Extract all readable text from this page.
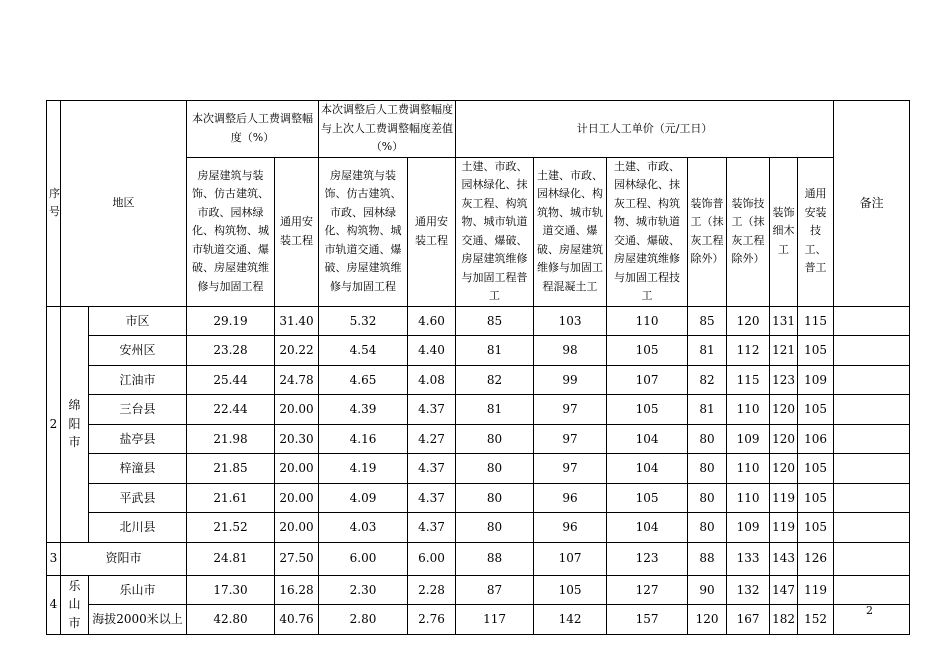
序号	地区		本次调整后人工费调整幅度（%）		本次调整后人工费调整幅度与上次人工费调整幅度差值（%）		计日工人工单价（元/工日）							备注
			房屋建筑与装饰、仿古建筑、市政、园林绿化、构筑物、城市轨道交通、爆破、房屋建筑维修与加固工程	通用安装工程	房屋建筑与装饰、仿古建筑、市政、园林绿化、构筑物、城市轨道交通、爆破、房屋建筑维修与加固工程	通用安装工程	土建、市政、园林绿化、抹灰工程、构筑物、城市轨道交通、爆破、房屋建筑维修与加固工程普工	土建、市政、园林绿化、构筑物、城市轨道交通、爆破、房屋建筑维修与加固工程混凝土工	土建、市政、园林绿化、抹灰工程、构筑物、城市轨道交通、爆破、房屋建筑维修与加固工程技工	装饰普工（抹灰工程除外）	装饰技工（抹灰工程除外）	装饰细木工	通用安装技工、普工	
2	绵阳市	市区	29.19	31.40	5.32	4.60	85	103	110	85	120	131	115	
		安州区	23.28	20.22	4.54	4.40	81	98	105	81	112	121	105	
		江油市	25.44	24.78	4.65	4.08	82	99	107	82	115	123	109	
		三台县	22.44	20.00	4.39	4.37	81	97	105	81	110	120	105	
		盐亭县	21.98	20.30	4.16	4.27	80	97	104	80	109	120	106	
		梓潼县	21.85	20.00	4.19	4.37	80	97	104	80	110	120	105	
		平武县	21.61	20.00	4.09	4.37	80	96	105	80	110	119	105	
		北川县	21.52	20.00	4.03	4.37	80	96	104	80	109	119	105	
3	资阳市		24.81	27.50	6.00	6.00	88	107	123	88	133	143	126	
4	乐山市	乐山市	17.30	16.28	2.30	2.28	87	105	127	90	132	147	119	
		海拔2000米以上	42.80	40.76	2.80	2.76	117	142	157	120	167	182	152	
2
